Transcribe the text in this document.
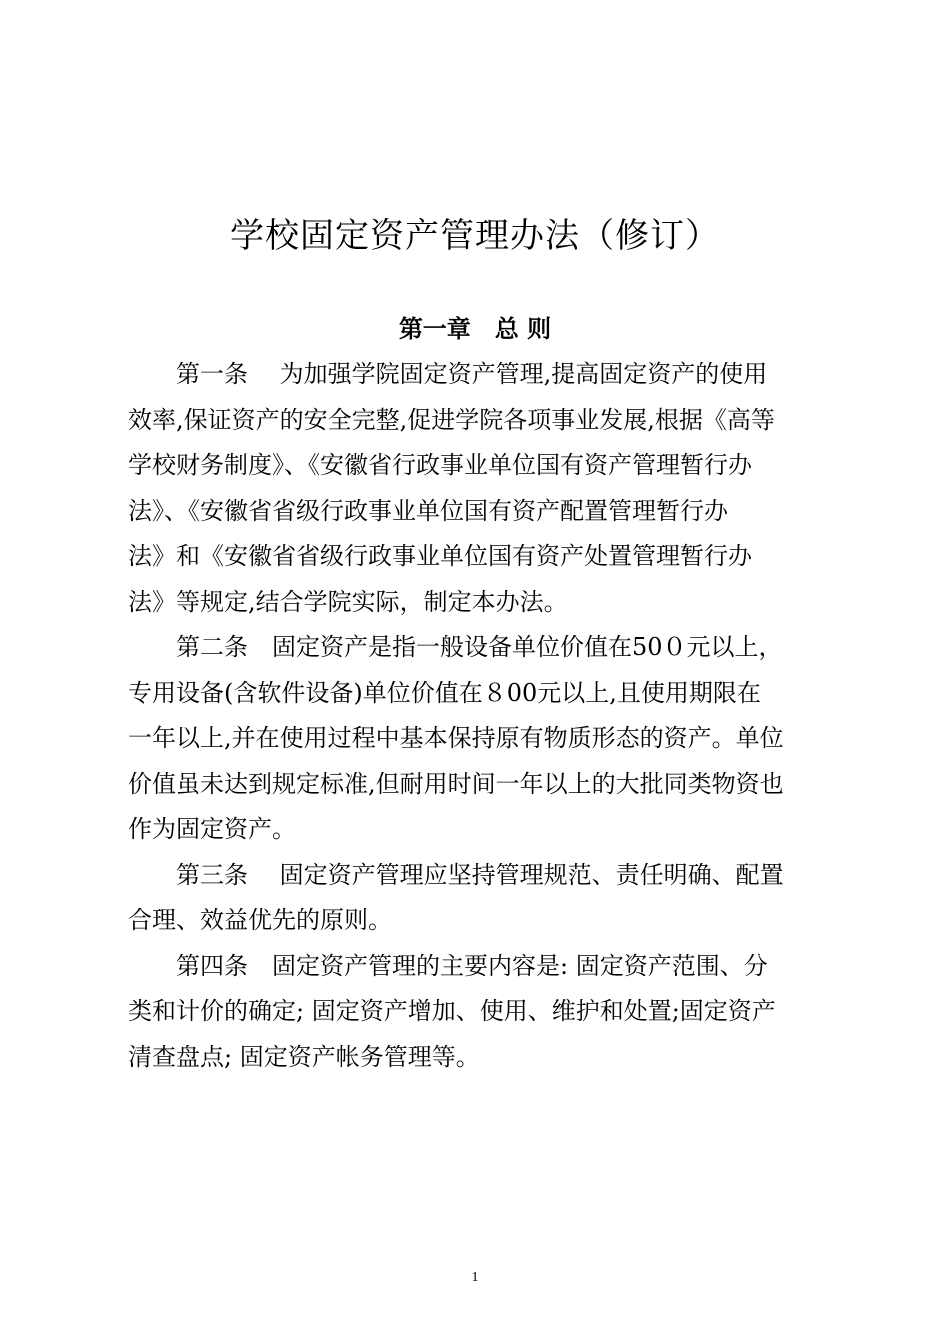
学校固定资产管理办法（修订）
第一章　总 则
第一条　 为加强学院固定资产管理,提高固定资产的使用
效率,保证资产的安全完整,促进学院各项事业发展,根据《高等
学校财务制度》、《安徽省行政事业单位国有资产管理暂行办
法》、《安徽省省级行政事业单位国有资产配置管理暂行办
法》和《安徽省省级行政事业单位国有资产处置管理暂行办
法》等规定,结合学院实际，制定本办法。
第二条　固定资产是指一般设备单位价值在50０元以上，
专用设备(含软件设备)单位价值在８00元以上,且使用期限在
一年以上,并在使用过程中基本保持原有物质形态的资产。单位
价值虽未达到规定标准,但耐用时间一年以上的大批同类物资也
作为固定资产。
第三条　 固定资产管理应坚持管理规范、责任明确、配置
合理、效益优先的原则。
第四条　固定资产管理的主要内容是: 固定资产范围、分
类和计价的确定; 固定资产增加、使用、维护和处置;固定资产
清查盘点; 固定资产帐务管理等。
1
